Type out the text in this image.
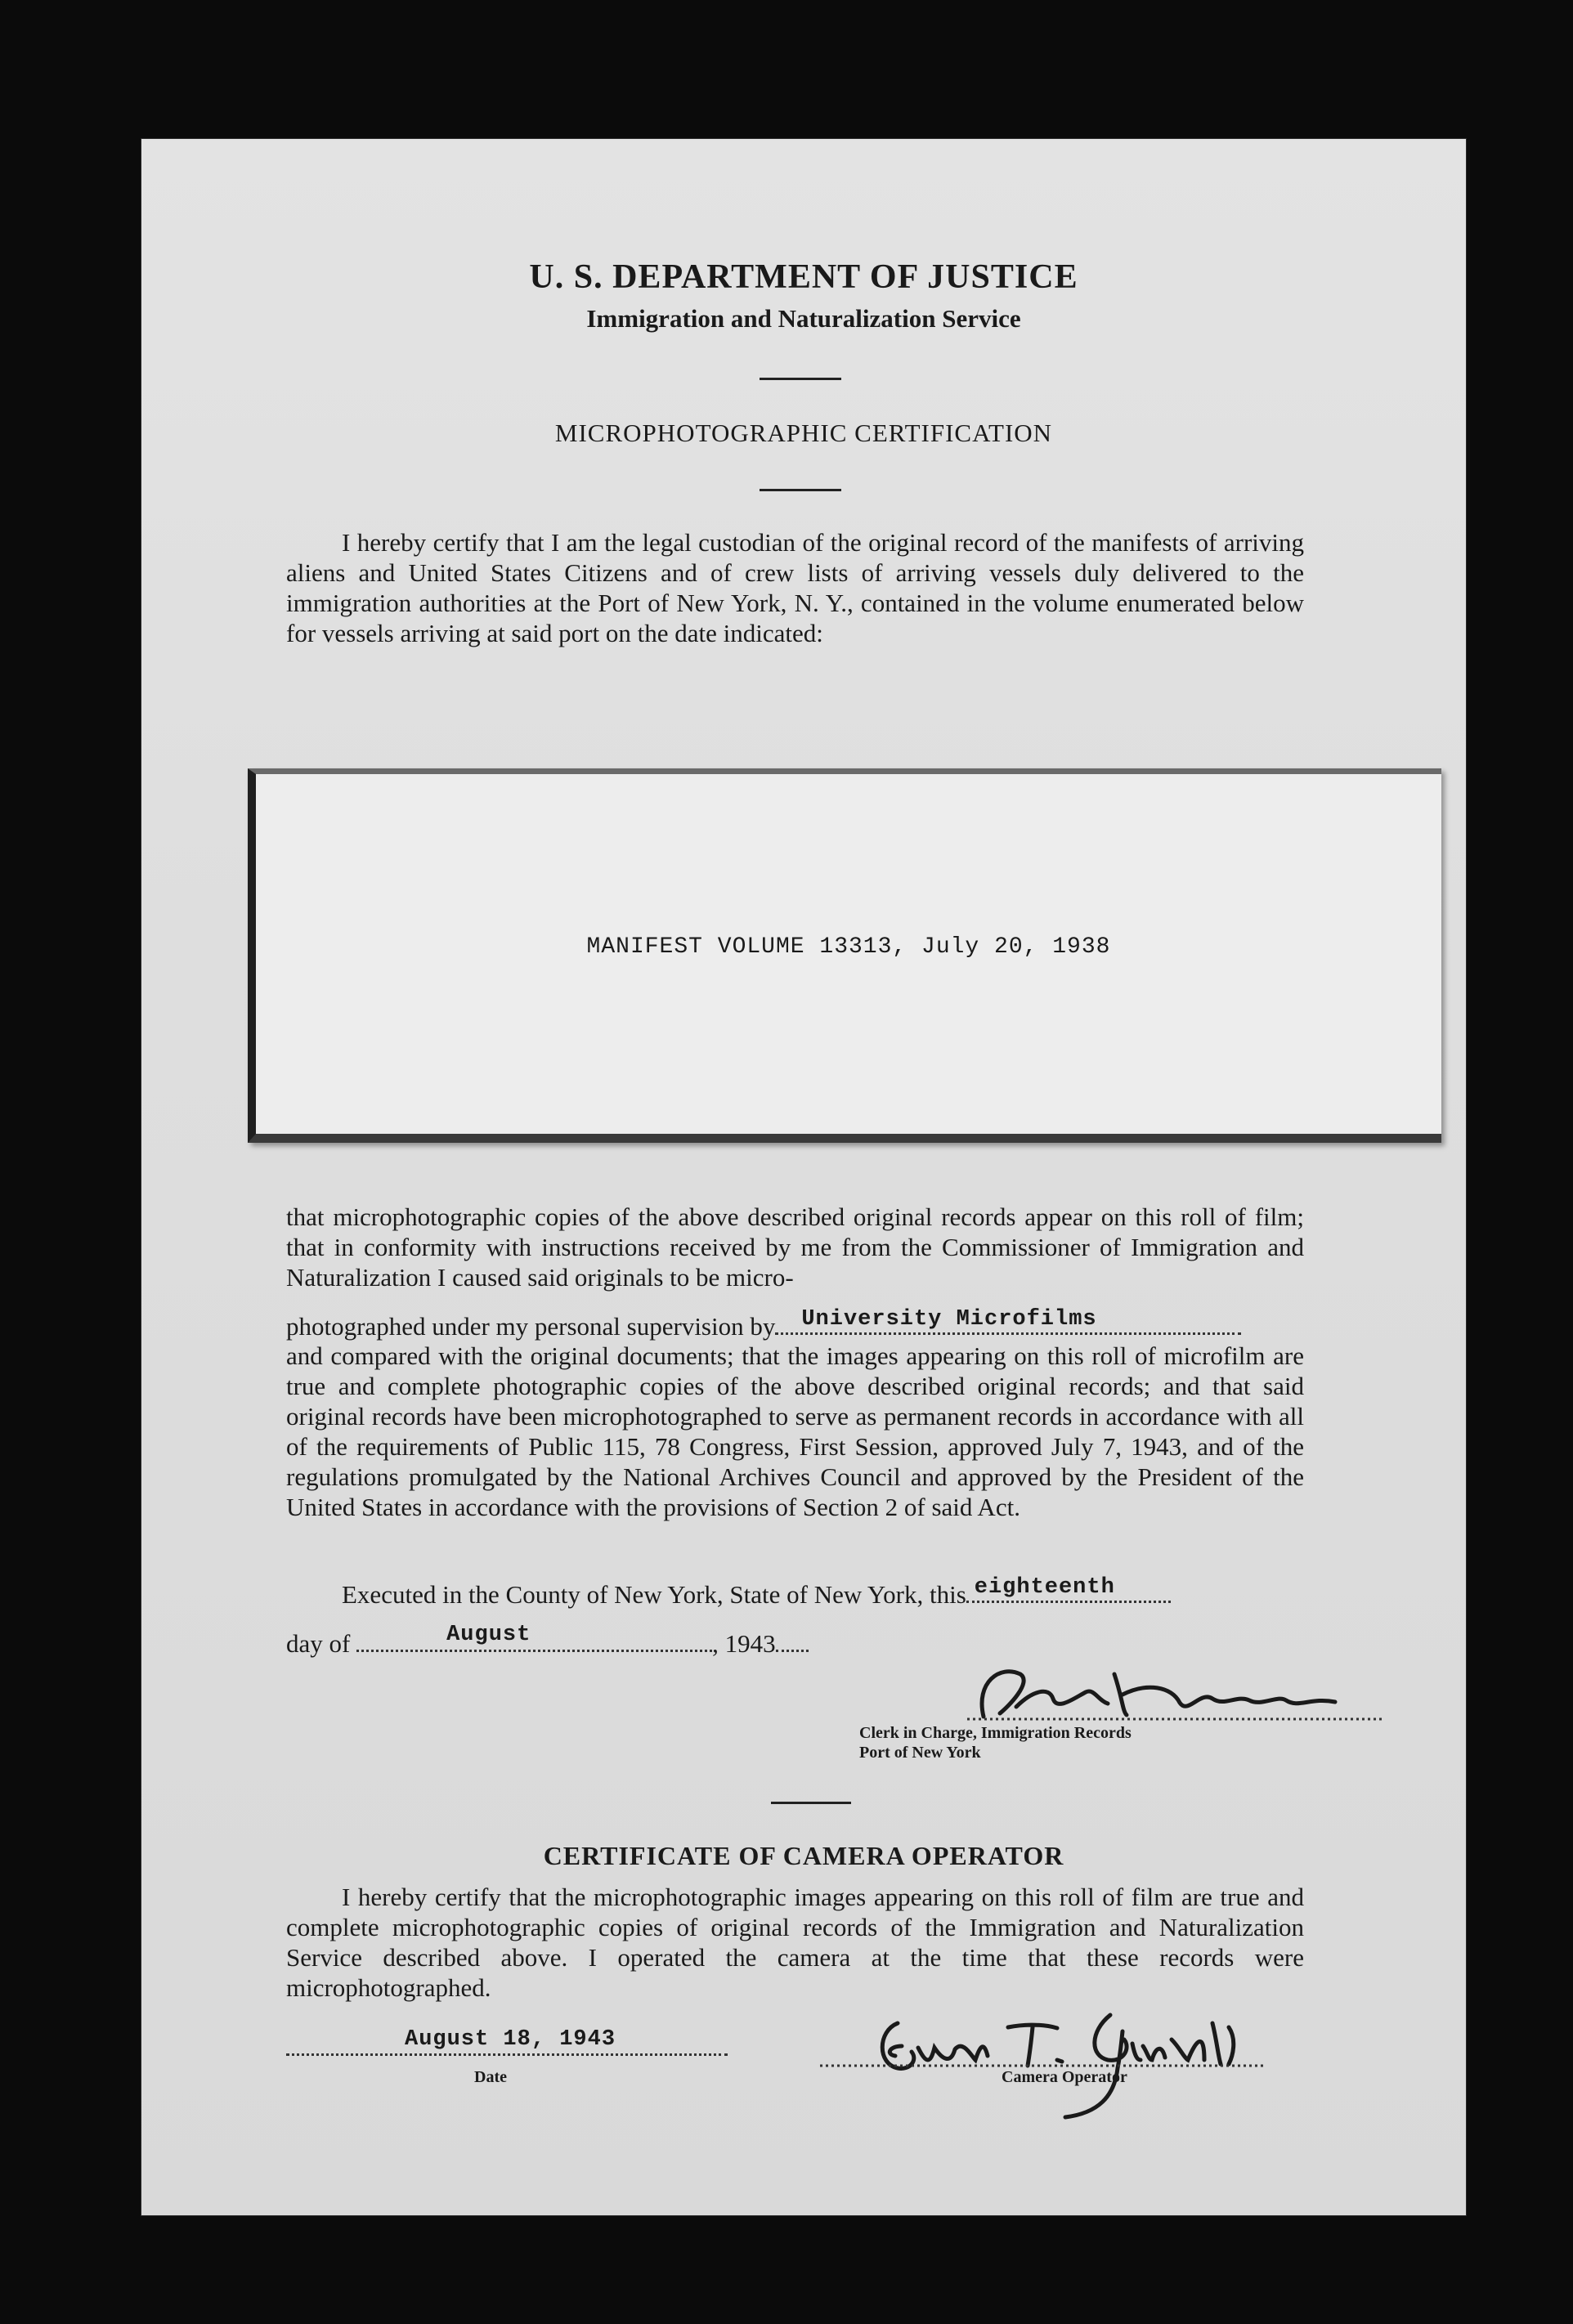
U. S. DEPARTMENT OF JUSTICE
Immigration and Naturalization Service
MICROPHOTOGRAPHIC CERTIFICATION
I hereby certify that I am the legal custodian of the original record of the manifests of arriving aliens and United States Citizens and of crew lists of arriving vessels duly delivered to the immigration authorities at the Port of New York, N. Y., contained in the volume enumerated below for vessels arriving at said port on the date indicated:
MANIFEST VOLUME 13313, July 20, 1938
that microphotographic copies of the above described original records appear on this roll of film; that in conformity with instructions received by me from the Commissioner of Immigration and Naturalization I caused said originals to be micro-
photographed under my personal supervision by University Microfilms
and compared with the original documents; that the images appearing on this roll of microfilm are true and complete photographic copies of the above described original records; and that said original records have been microphotographed to serve as permanent records in accordance with all of the requirements of Public 115, 78 Congress, First Session, approved July 7, 1943, and of the regulations promulgated by the National Archives Council and approved by the President of the United States in accordance with the provisions of Section 2 of said Act.
Executed in the County of New York, State of New York, this eighteenth
day of	August	, 1943
Clerk in Charge, Immigration Records
Port of New York
CERTIFICATE OF CAMERA OPERATOR
I hereby certify that the microphotographic images appearing on this roll of film are true and complete microphotographic copies of original records of the Immigration and Naturalization Service described above. I operated the camera at the time that these records were microphotographed.
August 18, 1943
Date	Camera Operator
